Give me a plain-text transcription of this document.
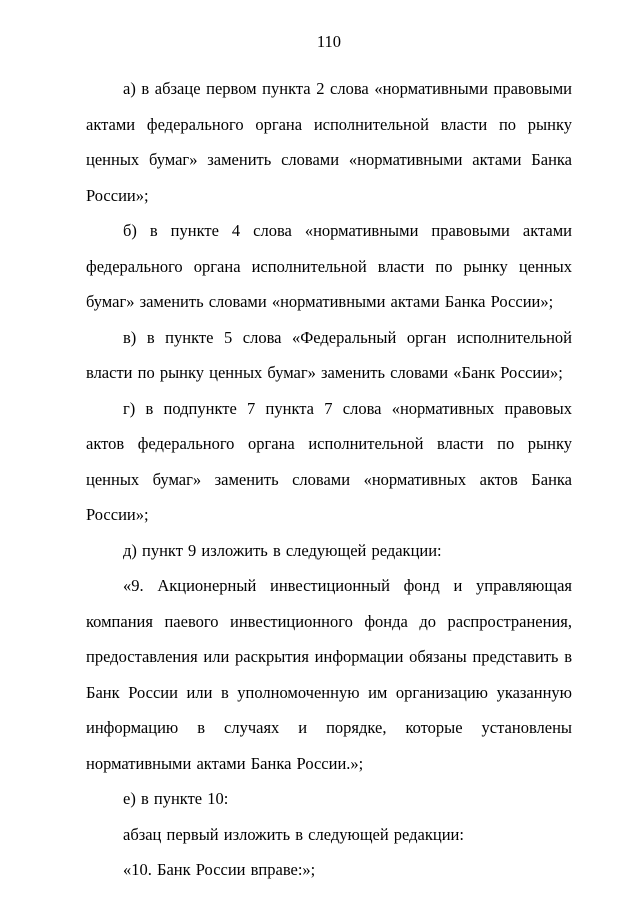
110

а) в абзаце первом пункта 2 слова «нормативными правовыми актами федерального органа исполнительной власти по рынку ценных бумаг» заменить словами «нормативными актами Банка России»;

б) в пункте 4 слова «нормативными правовыми актами федерального органа исполнительной власти по рынку ценных бумаг» заменить словами «нормативными актами Банка России»;

в) в пункте 5 слова «Федеральный орган исполнительной власти по рынку ценных бумаг» заменить словами «Банк России»;

г) в подпункте 7 пункта 7 слова «нормативных правовых актов федерального органа исполнительной власти по рынку ценных бумаг» заменить словами «нормативных актов Банка России»;

д) пункт 9 изложить в следующей редакции:

«9. Акционерный инвестиционный фонд и управляющая компания паевого инвестиционного фонда до распространения, предоставления или раскрытия информации обязаны представить в Банк России или в уполномоченную им организацию указанную информацию в случаях и порядке, которые установлены нормативными актами Банка России.»;

е) в пункте 10:

абзац первый изложить в следующей редакции:

«10. Банк России вправе:»;
